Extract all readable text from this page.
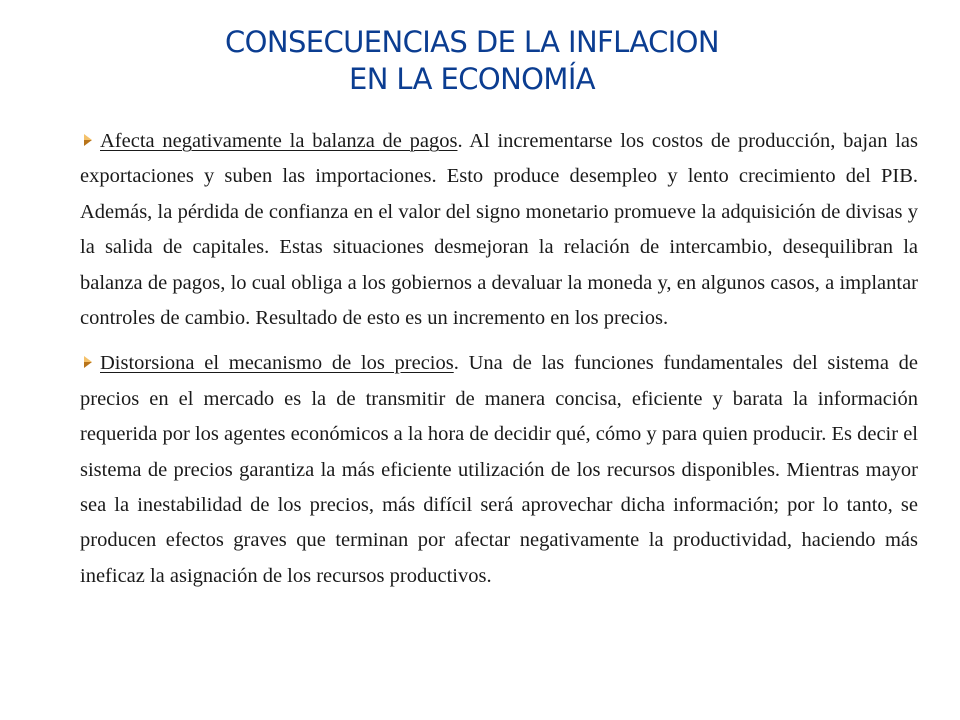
CONSECUENCIAS DE LA INFLACION
EN LA ECONOMÍA

Afecta negativamente la balanza de pagos. Al incrementarse los costos de producción, bajan las exportaciones y suben las importaciones. Esto produce desempleo y lento crecimiento del PIB. Además, la pérdida de confianza en el valor del signo monetario promueve la adquisición de divisas y la salida de capitales. Estas situaciones desmejoran la relación de intercambio, desequilibran la balanza de pagos, lo cual obliga a los gobiernos a devaluar la moneda y, en algunos casos, a implantar controles de cambio. Resultado de esto es un incremento en los precios.

Distorsiona el mecanismo de los precios. Una de las funciones fundamentales del sistema de precios en el mercado es la de transmitir de manera concisa, eficiente y barata la información requerida por los agentes económicos a la hora de decidir qué, cómo y para quien producir. Es decir el sistema de precios garantiza la más eficiente utilización de los recursos disponibles. Mientras mayor sea la inestabilidad de los precios, más difícil será aprovechar dicha información; por lo tanto, se producen efectos graves que terminan por afectar negativamente la productividad, haciendo más ineficaz la asignación de los recursos productivos.
